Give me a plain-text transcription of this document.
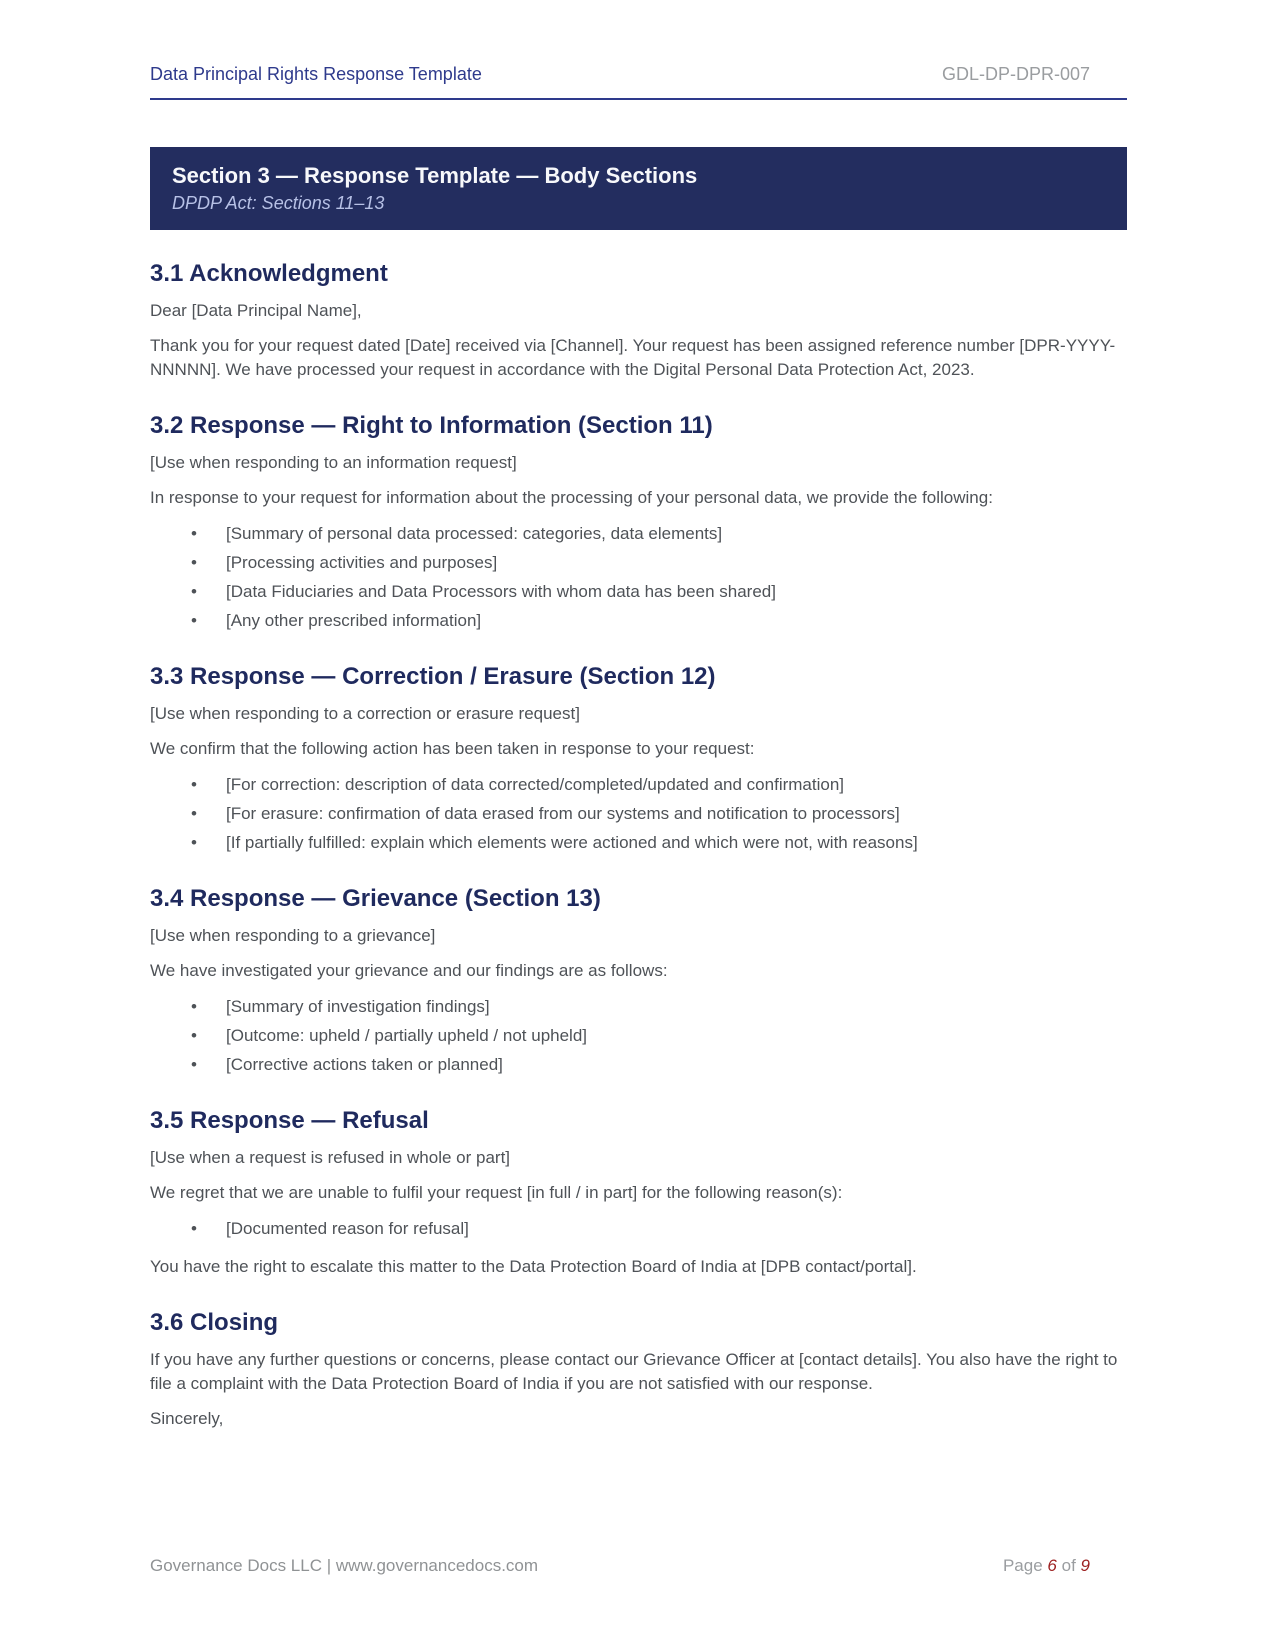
Data Principal Rights Response Template	GDL-DP-DPR-007
Section 3 — Response Template — Body Sections
DPDP Act: Sections 11–13
3.1 Acknowledgment

Dear [Data Principal Name],

Thank you for your request dated [Date] received via [Channel]. Your request has been assigned reference number [DPR-YYYY-NNNNN]. We have processed your request in accordance with the Digital Personal Data Protection Act, 2023.

3.2 Response — Right to Information (Section 11)

[Use when responding to an information request]

In response to your request for information about the processing of your personal data, we provide the following:

• [Summary of personal data processed: categories, data elements]
• [Processing activities and purposes]
• [Data Fiduciaries and Data Processors with whom data has been shared]
• [Any other prescribed information]
3.3 Response — Correction / Erasure (Section 12)

[Use when responding to a correction or erasure request]

We confirm that the following action has been taken in response to your request:

• [For correction: description of data corrected/completed/updated and confirmation]
• [For erasure: confirmation of data erased from our systems and notification to processors]
• [If partially fulfilled: explain which elements were actioned and which were not, with reasons]
3.4 Response — Grievance (Section 13)

[Use when responding to a grievance]

We have investigated your grievance and our findings are as follows:

• [Summary of investigation findings]
• [Outcome: upheld / partially upheld / not upheld]
• [Corrective actions taken or planned]
3.5 Response — Refusal

[Use when a request is refused in whole or part]

We regret that we are unable to fulfil your request [in full / in part] for the following reason(s):

• [Documented reason for refusal]

You have the right to escalate this matter to the Data Protection Board of India at [DPB contact/portal].

3.6 Closing

If you have any further questions or concerns, please contact our Grievance Officer at [contact details]. You also have the right to file a complaint with the Data Protection Board of India if you are not satisfied with our response.

Sincerely,

Governance Docs LLC | www.governancedocs.com	Page 6 of 9
